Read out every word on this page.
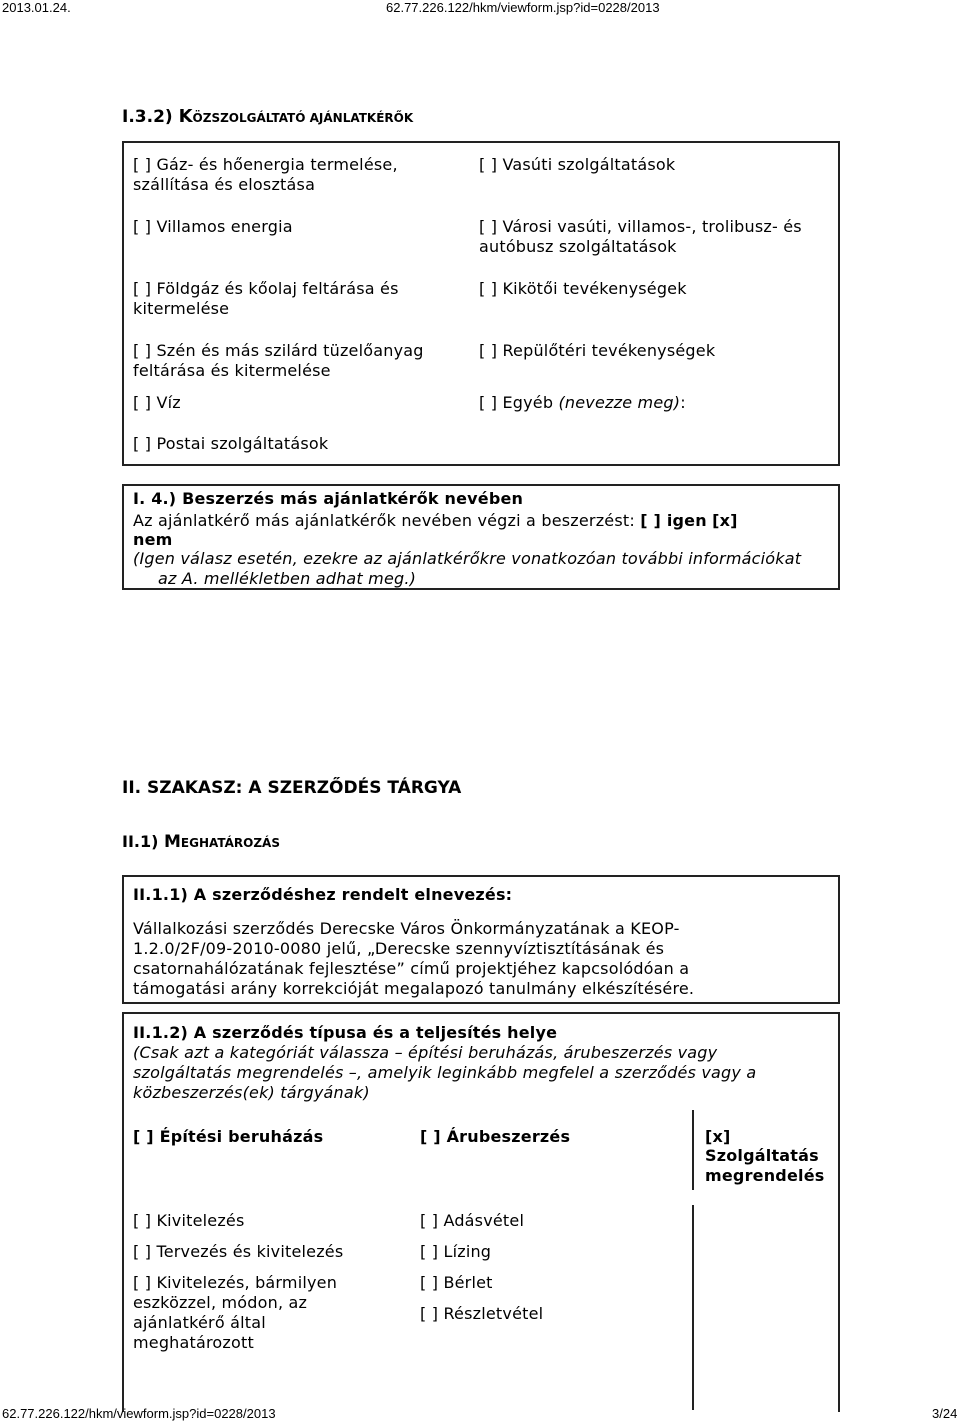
2013.01.24.	62.77.226.122/hkm/viewform.jsp?id=0228/2013
I.3.2) KÖZSZOLGÁLTATÓ AJÁNLATKÉRŐK
[ ] Gáz- és hőenergia termelése, szállítása és elosztása
[ ] Villamos energia
[ ] Földgáz és kőolaj feltárása és kitermelése
[ ] Szén és más szilárd tüzelőanyag feltárása és kitermelése
[ ] Víz
[ ] Postai szolgáltatások
[ ] Vasúti szolgáltatások
[ ] Városi vasúti, villamos-, trolibusz- és autóbusz szolgáltatások
[ ] Kikötői tevékenységek
[ ] Repülőtéri tevékenységek
[ ] Egyéb (nevezze meg):
I. 4.) Beszerzés más ajánlatkérők nevében
Az ajánlatkérő más ajánlatkérők nevében végzi a beszerzést: [ ] igen [x]
nem
(Igen válasz esetén, ezekre az ajánlatkérőkre vonatkozóan további információkat
az A. mellékletben adhat meg.)
II. SZAKASZ: A SZERZŐDÉS TÁRGYA
II.1) MEGHATÁROZÁS
II.1.1) A szerződéshez rendelt elnevezés:
Vállalkozási szerződés Derecske Város Önkormányzatának a KEOP-
1.2.0/2F/09-2010-0080 jelű, „Derecske szennyvíztisztításának és
csatornahálózatának fejlesztése” című projektjéhez kapcsolódóan a
támogatási arány korrekcióját megalapozó tanulmány elkészítésére.
II.1.2) A szerződés típusa és a teljesítés helye
(Csak azt a kategóriát válassza – építési beruházás, árubeszerzés vagy
szolgáltatás megrendelés –, amelyik leginkább megfelel a szerződés vagy a
közbeszerzés(ek) tárgyának)
[ ] Építési beruházás	[ ] Árubeszerzés	[x]
Szolgáltatás
megrendelés
[ ] Kivitelezés
[ ] Tervezés és kivitelezés
[ ] Kivitelezés, bármilyen
eszközzel, módon, az
ajánlatkérő által
meghatározott
[ ] Adásvétel
[ ] Lízing
[ ] Bérlet
[ ] Részletvétel
62.77.226.122/hkm/viewform.jsp?id=0228/2013	3/24
